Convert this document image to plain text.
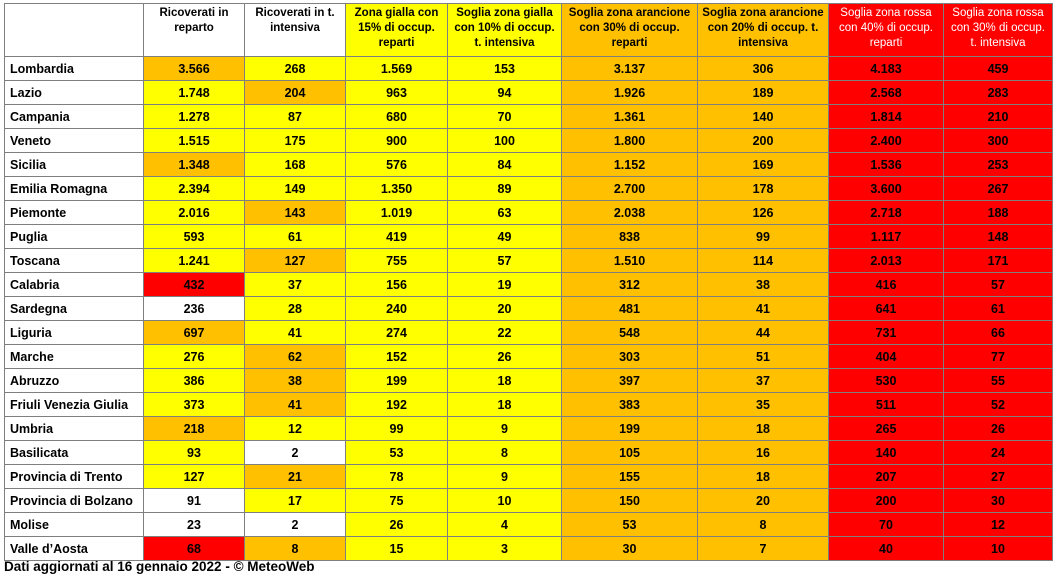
	Ricoverati in reparto	Ricoverati in t. intensiva	Zona gialla con 15% di occup. reparti	Soglia zona gialla con 10% di occup. t. intensiva	Soglia zona arancione con 30% di occup. reparti	Soglia zona arancione con 20% di occup. t. intensiva	Soglia zona rossa con 40% di occup. reparti	Soglia zona rossa con 30% di occup. t. intensiva
Lombardia	3.566	268	1.569	153	3.137	306	4.183	459
Lazio	1.748	204	963	94	1.926	189	2.568	283
Campania	1.278	87	680	70	1.361	140	1.814	210
Veneto	1.515	175	900	100	1.800	200	2.400	300
Sicilia	1.348	168	576	84	1.152	169	1.536	253
Emilia Romagna	2.394	149	1.350	89	2.700	178	3.600	267
Piemonte	2.016	143	1.019	63	2.038	126	2.718	188
Puglia	593	61	419	49	838	99	1.117	148
Toscana	1.241	127	755	57	1.510	114	2.013	171
Calabria	432	37	156	19	312	38	416	57
Sardegna	236	28	240	20	481	41	641	61
Liguria	697	41	274	22	548	44	731	66
Marche	276	62	152	26	303	51	404	77
Abruzzo	386	38	199	18	397	37	530	55
Friuli Venezia Giulia	373	41	192	18	383	35	511	52
Umbria	218	12	99	9	199	18	265	26
Basilicata	93	2	53	8	105	16	140	24
Provincia di Trento	127	21	78	9	155	18	207	27
Provincia di Bolzano	91	17	75	10	150	20	200	30
Molise	23	2	26	4	53	8	70	12
Valle d’Aosta	68	8	15	3	30	7	40	10
Dati aggiornati al 16 gennaio 2022 - © MeteoWeb
